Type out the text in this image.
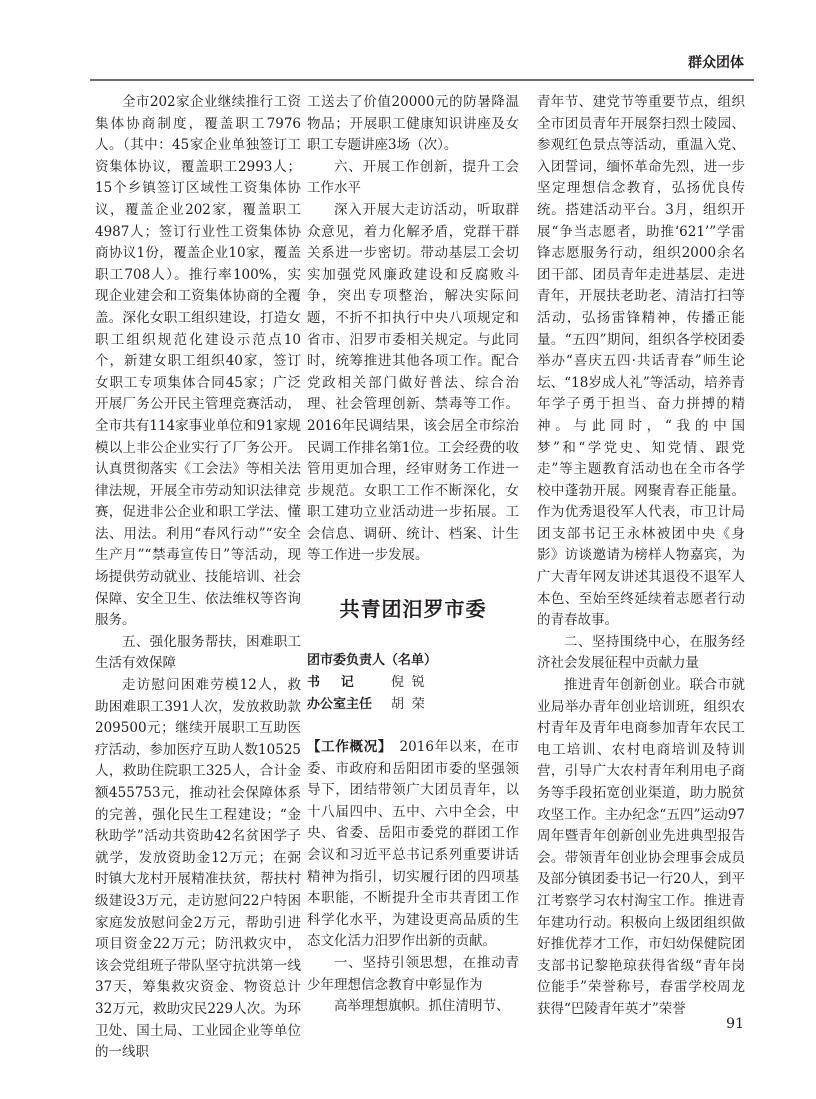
群众团体

全市202家企业继续推行工资集体协商制度，覆盖职工7976人。（其中：45家企业单独签订工资集体协议，覆盖职工2993人；15个乡镇签订区域性工资集体协议，覆盖企业202家，覆盖职工4987人；签订行业性工资集体协商协议1份，覆盖企业10家，覆盖职工708人）。推行率100%，实现企业建会和工资集体协商的全覆盖。深化女职工组织建设，打造女职工组织规范化建设示范点10个，新建女职工组织40家，签订女职工专项集体合同45家；广泛开展厂务公开民主管理竞赛活动，全市共有114家事业单位和91家规模以上非公企业实行了厂务公开。认真贯彻落实《工会法》等相关法律法规，开展全市劳动知识法律竞赛，促进非公企业和职工学法、懂法、用法。利用“春风行动”“安全生产月”“禁毒宣传日”等活动，现场提供劳动就业、技能培训、社会保障、安全卫生、依法维权等咨询服务。

五、强化服务帮扶，困难职工生活有效保障

走访慰问困难劳模12人，救助困难职工391人次，发放救助款209500元；继续开展职工互助医疗活动，参加医疗互助人数10525人，救助住院职工325人，合计金额455753元，推动社会保障体系的完善，强化民生工程建设；“金秋助学”活动共资助42名贫困学子就学，发放资助金12万元；在弼时镇大龙村开展精准扶贫，帮扶村级建设3万元，走访慰问22户特困家庭发放慰问金2万元，帮助引进项目资金22万元；防汛救灾中，该会党组班子带队坚守抗洪第一线37天，筹集救灾资金、物资总计32万元，救助灾民229人次。为环卫处、国土局、工业园企业等单位的一线职

工送去了价值20000元的防暑降温物品；开展职工健康知识讲座及女职工专题讲座3场（次）。

六、开展工作创新，提升工会工作水平

深入开展大走访活动，听取群众意见，着力化解矛盾，党群干群关系进一步密切。带动基层工会切实加强党风廉政建设和反腐败斗争，突出专项整治，解决实际问题，不折不扣执行中央八项规定和省市、汨罗市委相关规定。与此同时，统筹推进其他各项工作。配合党政相关部门做好普法、综合治理、社会管理创新、禁毒等工作。2016年民调结果，该会居全市综治民调工作排名第1位。工会经费的收管用更加合理，经审财务工作进一步规范。女职工工作不断深化，女职工建功立业活动进一步拓展。工会信息、调研、统计、档案、计生等工作进一步发展。

共青团汨罗市委
团市委负责人（名单）
书记 倪锐
办公室主任 胡荣

【工作概况】　 2016年以来，在市委、市政府和岳阳团市委的坚强领导下，团结带领广大团员青年，以十八届四中、五中、六中全会，中央、省委、岳阳市委党的群团工作会议和习近平总书记系列重要讲话精神为指引，切实履行团的四项基本职能，不断提升全市共青团工作科学化水平，为建设更高品质的生态文化活力汨罗作出新的贡献。

一、坚持引领思想，在推动青少年理想信念教育中彰显作为

高举理想旗帜。抓住清明节、

青年节、建党节等重要节点，组织全市团员青年开展祭扫烈士陵园、参观红色景点等活动，重温入党、入团誓词，缅怀革命先烈，进一步坚定理想信念教育，弘扬优良传统。搭建活动平台。3月，组织开展“争当志愿者，助推‘621’”学雷锋志愿服务行动，组织2000余名团干部、团员青年走进基层、走进青年，开展扶老助老、清洁打扫等活动，弘扬雷锋精神，传播正能量。“五四”期间，组织各学校团委举办“喜庆五四·共话青春”师生论坛、“18岁成人礼”等活动，培养青年学子勇于担当、奋力拼搏的精神。与此同时，“我的中国梦”和“学党史、知党情、跟党走”等主题教育活动也在全市各学校中蓬勃开展。网聚青春正能量。作为优秀退役军人代表，市卫计局团支部书记王永林被团中央《身影》访谈邀请为榜样人物嘉宾，为广大青年网友讲述其退役不退军人本色、至始至终延续着志愿者行动的青春故事。

二、坚持围绕中心，在服务经济社会发展征程中贡献力量

推进青年创新创业。联合市就业局举办青年创业培训班，组织农村青年及青年电商参加青年农民工电工培训、农村电商培训及特训营，引导广大农村青年利用电子商务等手段拓宽创业渠道，助力脱贫攻坚工作。主办纪念“五四”运动97周年暨青年创新创业先进典型报告会。带领青年创业协会理事会成员及部分镇团委书记一行20人，到平江考察学习农村淘宝工作。推进青年建功行动。积极向上级团组织做好推优荐才工作，市妇幼保健院团支部书记黎艳琼获得省级“青年岗位能手”荣誉称号，春雷学校周龙获得“巴陵青年英才”荣誉

91
